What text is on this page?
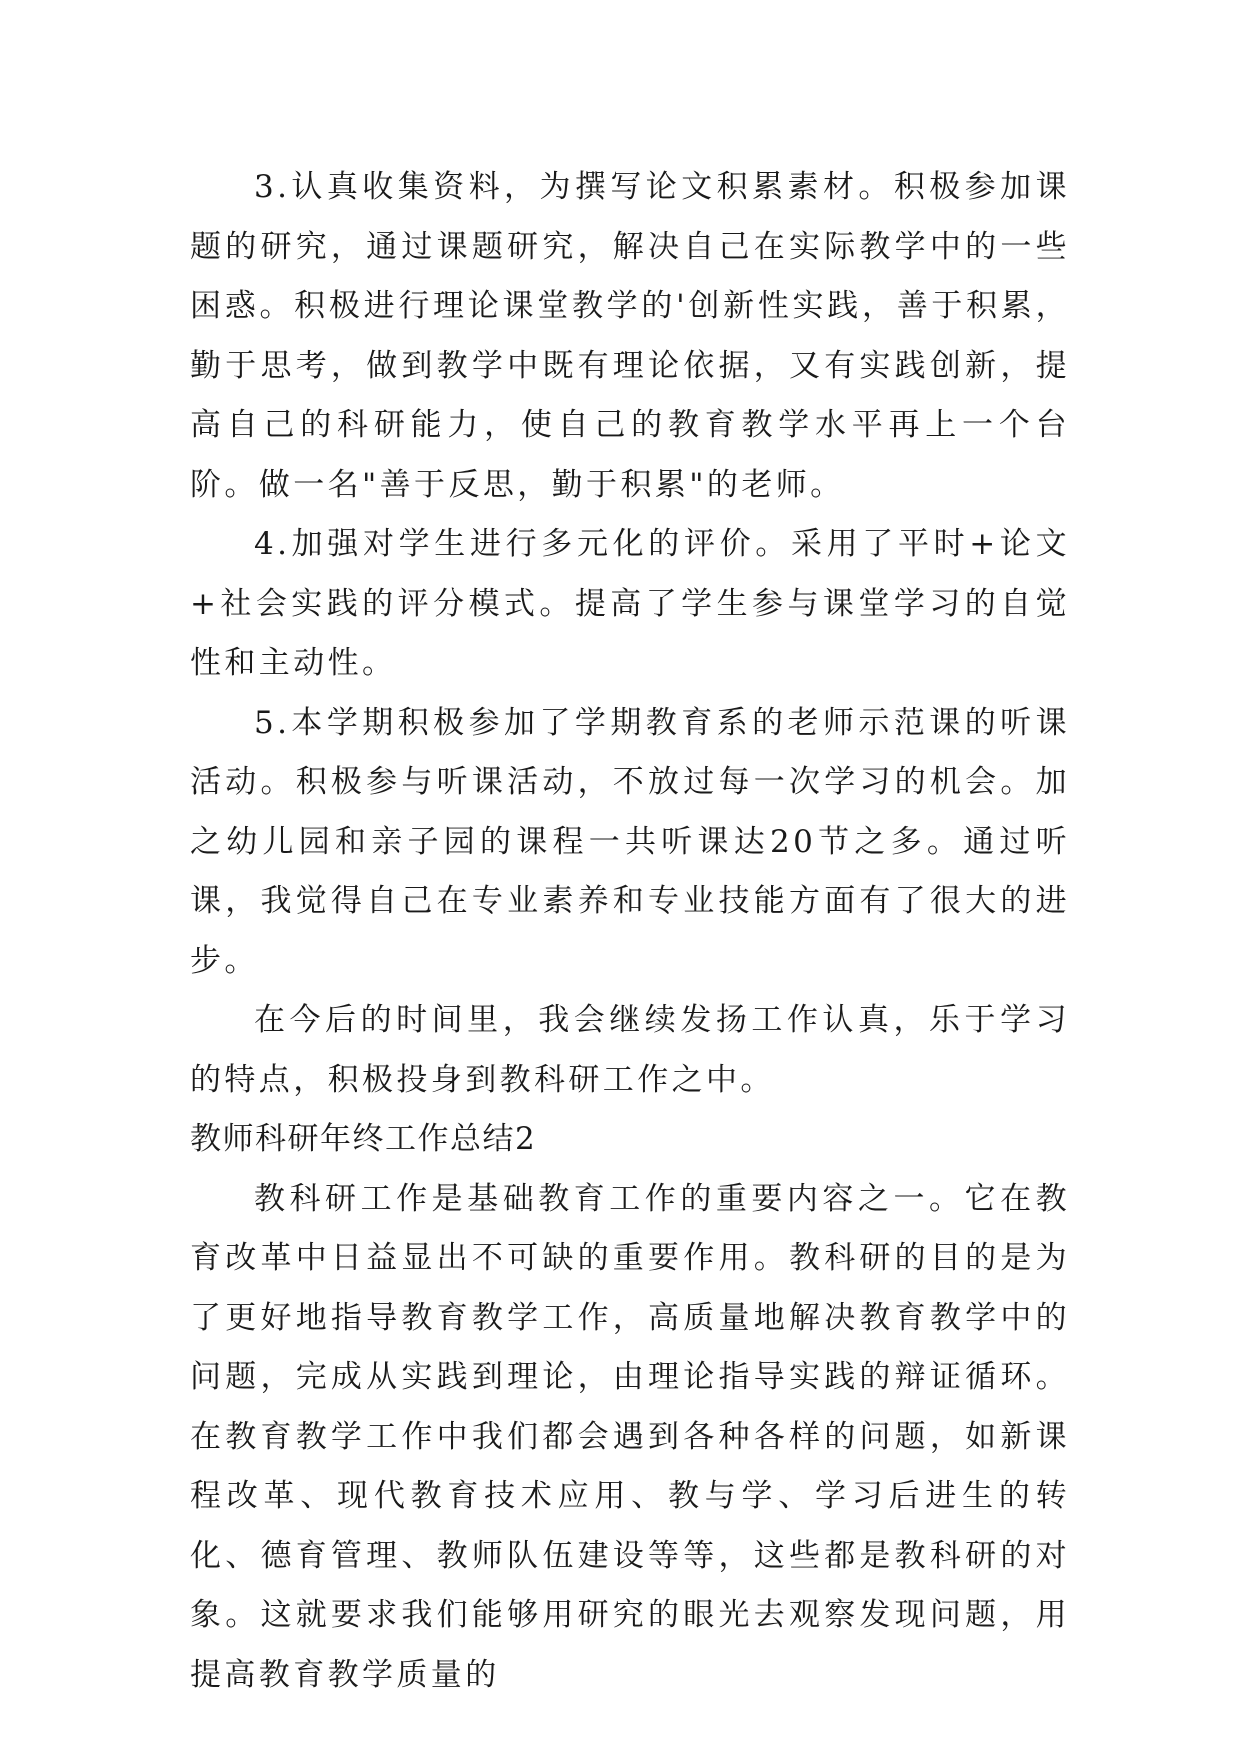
3.认真收集资料，为撰写论文积累素材。积极参加课题的研究，通过课题研究，解决自己在实际教学中的一些困惑。积极进行理论课堂教学的'创新性实践，善于积累，勤于思考，做到教学中既有理论依据，又有实践创新，提高自己的科研能力，使自己的教育教学水平再上一个台阶。做一名"善于反思，勤于积累"的老师。

4.加强对学生进行多元化的评价。采用了平时+论文+社会实践的评分模式。提高了学生参与课堂学习的自觉性和主动性。

5.本学期积极参加了学期教育系的老师示范课的听课活动。积极参与听课活动，不放过每一次学习的机会。加之幼儿园和亲子园的课程一共听课达20节之多。通过听课，我觉得自己在专业素养和专业技能方面有了很大的进步。

在今后的时间里，我会继续发扬工作认真，乐于学习的特点，积极投身到教科研工作之中。

教师科研年终工作总结2

教科研工作是基础教育工作的重要内容之一。它在教育改革中日益显出不可缺的重要作用。教科研的目的是为了更好地指导教育教学工作，高质量地解决教育教学中的问题，完成从实践到理论，由理论指导实践的辩证循环。在教育教学工作中我们都会遇到各种各样的问题，如新课程改革、现代教育技术应用、教与学、学习后进生的转化、德育管理、教师队伍建设等等，这些都是教科研的对象。这就要求我们能够用研究的眼光去观察发现问题，用提高教育教学质量的
